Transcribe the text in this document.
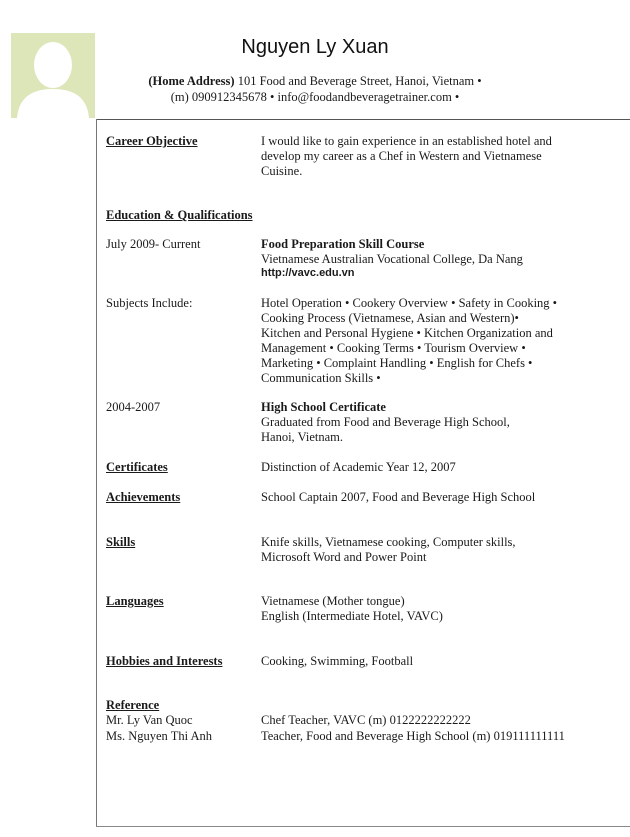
Nguyen Ly Xuan
(Home Address) 101 Food and Beverage Street, Hanoi, Vietnam •
(m) 090912345678 • info@foodandbeveragetrainer.com •
Career Objective	I would like to gain experience in an established hotel and
develop my career as a Chef in Western and Vietnamese
Cuisine.
Education & Qualifications
July 2009- Current	Food Preparation Skill Course
Vietnamese Australian Vocational College, Da Nang
http://vavc.edu.vn
Subjects Include:	Hotel Operation • Cookery Overview • Safety in Cooking •
Cooking Process (Vietnamese, Asian and Western)•
Kitchen and Personal Hygiene • Kitchen Organization and
Management • Cooking Terms • Tourism Overview •
Marketing • Complaint Handling • English for Chefs •
Communication Skills •
2004-2007	High School Certificate
Graduated from Food and Beverage High School,
Hanoi, Vietnam.
Certificates	Distinction of Academic Year 12, 2007
Achievements	School Captain 2007, Food and Beverage High School
Skills	Knife skills, Vietnamese cooking, Computer skills,
Microsoft Word and Power Point
Languages	Vietnamese (Mother tongue)
English (Intermediate Hotel, VAVC)
Hobbies and Interests	Cooking, Swimming, Football
Reference
Mr. Ly Van Quoc	Chef Teacher, VAVC (m) 0122222222222
Ms. Nguyen Thi Anh	Teacher, Food and Beverage High School (m) 019111111111
